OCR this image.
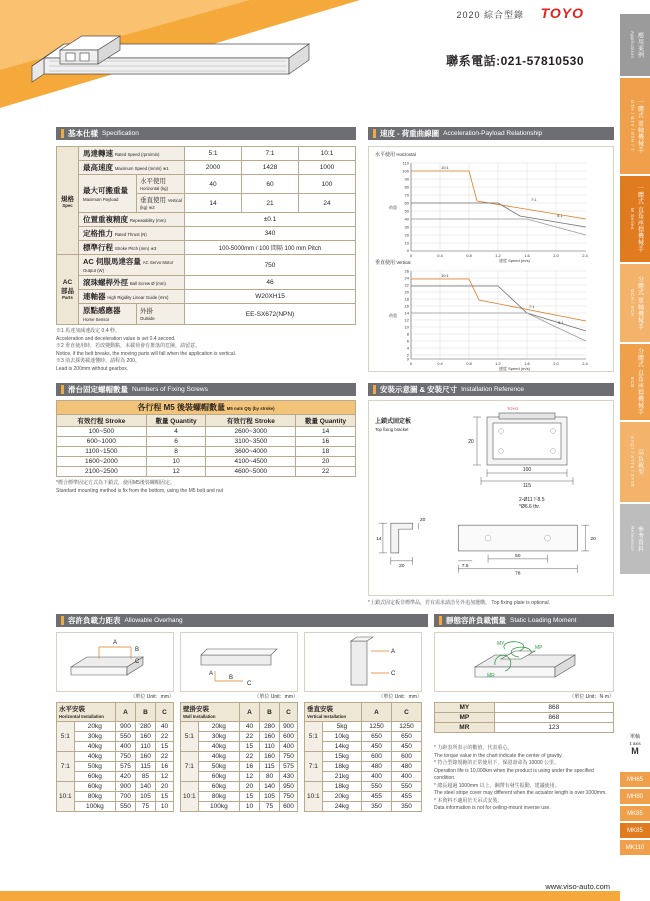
2020 綜合型錄 TOYO
聯系電話:021-57810530
應用案例
Application
一體式 單軸機械手
GTH / GTY / ETH / T
一體式 直角座標機械手
M Series
分體式 單軸機械手
GCH / ECH
分體式 直角座標機械手
ECB
高負載型
XYQ7 / XYT8 / XYT8
參考資料
Reference
單軸
1 axis
M
MH65
MH80
MK85
MK85
MK110
基本仕樣 Specification
規格
Spec	馬達轉速 Rated Speed (rpm/min)		5:1	7:1	10:1
	最高速度 Maximum Speed (mm/s) ※1		2000	1428	1000
	最大可搬重量
Maximum Payload	水平使用 Horizontal (kg)	40	60	100
		垂直使用 Vertical (kg) ※2	14	21	24
	位置重複精度 Repeatability (mm)		±0.1		
	定格推力 Rated Thrust (N)		340		
	標準行程 Stroke Pitch (mm) ※3		100-5000mm / 100 間隔 100 mm Pitch		

AC 部品
Parts	AC 伺服馬達容量 AC Servo Motor Output (W)		750		
	滾珠螺桿外徑 Ball Screw Ø (mm)		46		
	連軸器 High Rigidity Linear Guide (mm)		W20XH15		
	原點感應器
Home Sensor	外掛
Outside	EE-SX672(NPN)		
※1 馬達加減速設定 0.4 秒。
Acceleration and deceleration value is set 0.4 second.
※2 垂直使用時，若改變動點，未載荷會有推落的危險，請留意。
Notice, if the belt breaks, the moving parts will fall when the application is vertical.
※3 消去採裝載連懂時，請程為 200。
Lead is 200mm without gearbox.
速度 - 荷重曲線圖 Acceleration-Payload Relationship
水平使用 Horizontal
110
100
90
80
70
60
50
40
30
20
10
0
0	0.4	0.8	1.2	1.6	2.0	2.4
荷重
速度 Speed (m/s)
10:1
7:1
5:1
垂直使用 Vertical
26
24
22
20
18
16
14
12
10
8
6
4
2
0
0	0.4	0.8	1.2	1.6	2.0	2.4
荷重
速度 Speed (m/s)
10:1
7:1
5:1
滑台固定螺帽數量 Numbers of Fixing Screws
各行程 M5 後裝螺帽數量 M5 nuts Qty (by stroke)			
有效行程 Stroke	數量 Quantity	有效行程 Stroke	數量 Quantity
100~500	4	2600~3000	14
600~1000	6	3100~3500	16
1100~1500	8	3600~4000	18
1600~2000	10	4100~4500	20
2100~2500	12	4600~5000	22
*標合標準固定方式為下鎖式，使用M5後裝螺帽固定。
Standard mounting method is fix from the bottom, using the M5 bolt and nut
安裝示意圖 & 安裝尺寸 Installation Reference
上鎖式固定板
Top fixing bracket
100
115
20
TOYO
2‑Ø11下8.5
*Ø6.6 thr.
14
20	7.5
50
78
20
20
*上鎖式固定板非標準品，若有需求請洽另外追加選購。 Top fixing plate is optional.
容許負載力距表 Allowable Overhang
A
B
C
A
B
C
A
C
（單位 Unit：mm）	（單位 Unit：mm）	（單位 Unit：mm）
水平安裝
Horizontal Installation		A	B	C
5:1	20kg	900	280	40
	30kg	550	160	22
	40kg	400	110	15
7:1	40kg	750	160	22
	50kg	575	115	16
	60kg	420	85	12
10:1	60kg	900	140	20
	80kg	700	105	15
	100kg	550	75	10
壁掛安裝
Wall Installation		A	B	C
5:1	20kg	40	280	900
	30kg	22	160	600
	40kg	15	110	400
7:1	40kg	22	160	750
	50kg	16	115	575
	60kg	12	80	430
10:1	60kg	20	140	950
	80kg	15	105	750
	100kg	10	75	600
垂直安裝
Vertical Installation		A	C
5:1	5kg	1250	1250
	10kg	650	650
	14kg	450	450
7:1	15kg	600	600
	18kg	480	480
	21kg	400	400
10:1	18kg	550	550
	20kg	455	455
	24kg	350	350
靜態容許負載慣量 Static Loading Moment
MY
MP
MR
（單位 Unit：N·m）
MY	868
MP	868
MR	123
* 力距表所表示的數值，代表重心。
The torque value in the chart indicate the center of gravity.
* 符合型錄規範的正常使用下，保證壽命為 10000 公里。
Operation life is 10,000km when the product is using under the specified condition.
* 總長超過 1000mm 以上，鋼帶有發生振動，建議使用。
The steel stripe cover may different when the actuator length is over 1000mm.
* 本資料不適用於天吊式安裝。
Data information is not for ceiling-mount inverse use.
www.viso-auto.com
